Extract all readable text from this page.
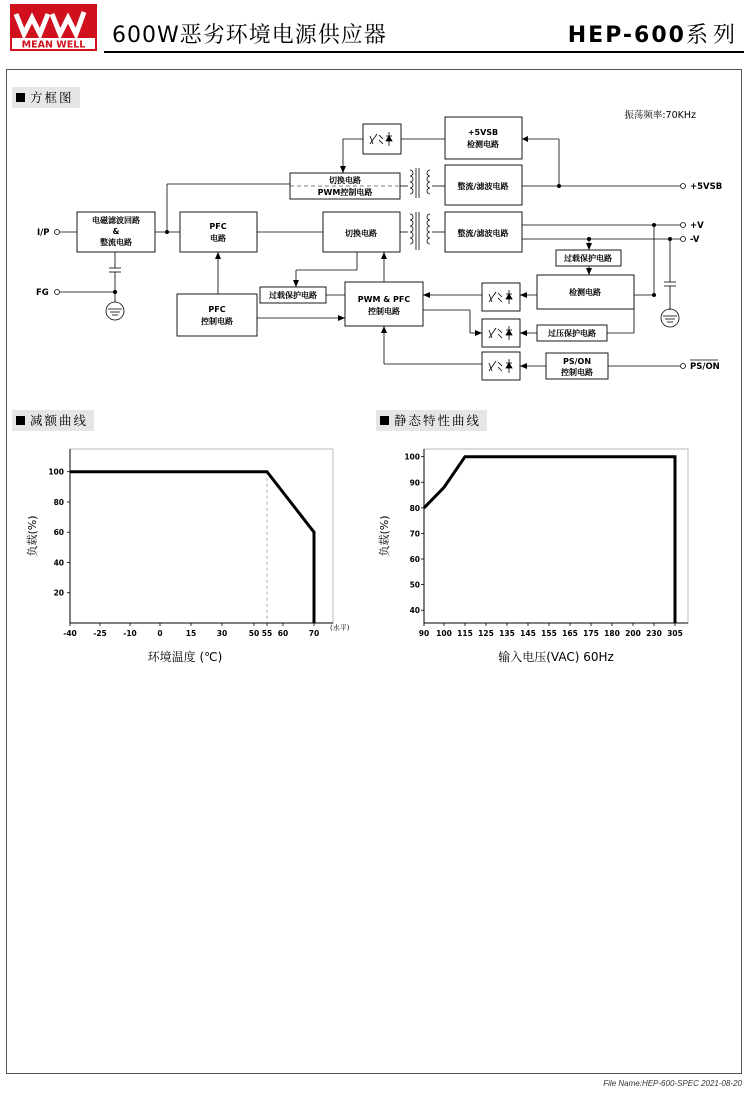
MEAN WELL 600W恶劣环境电源供应器	HEP-600系列
方框图
减额曲线	静态特性曲线
振荡频率:70KHz
I/P
FG
+5VSB
+V
-V
PS/ON
电磁滤波回路
&
整流电路
PFC
电路
切换电路	整流/滤波电路
整流/滤波电路
切换电路
PWM控制电路
+5VSB
检测电路
PFC
控制电路
过载保护电路	PWM & PFC
控制电路
过载保护电路
检测电路
过压保护电路
PS/ON
控制电路
20
40
60
80
100
-40 -25 -10	0	15	30	50 55 60	70
(水平)
负载(%)
环境温度 (℃)
40
50
60
70
80
90
100
90 100 115 125 135 145 155 165 175 180 200 230 305
负载(%)
输入电压(VAC) 60Hz
File Name:HEP-600-SPEC 2021-08-20
